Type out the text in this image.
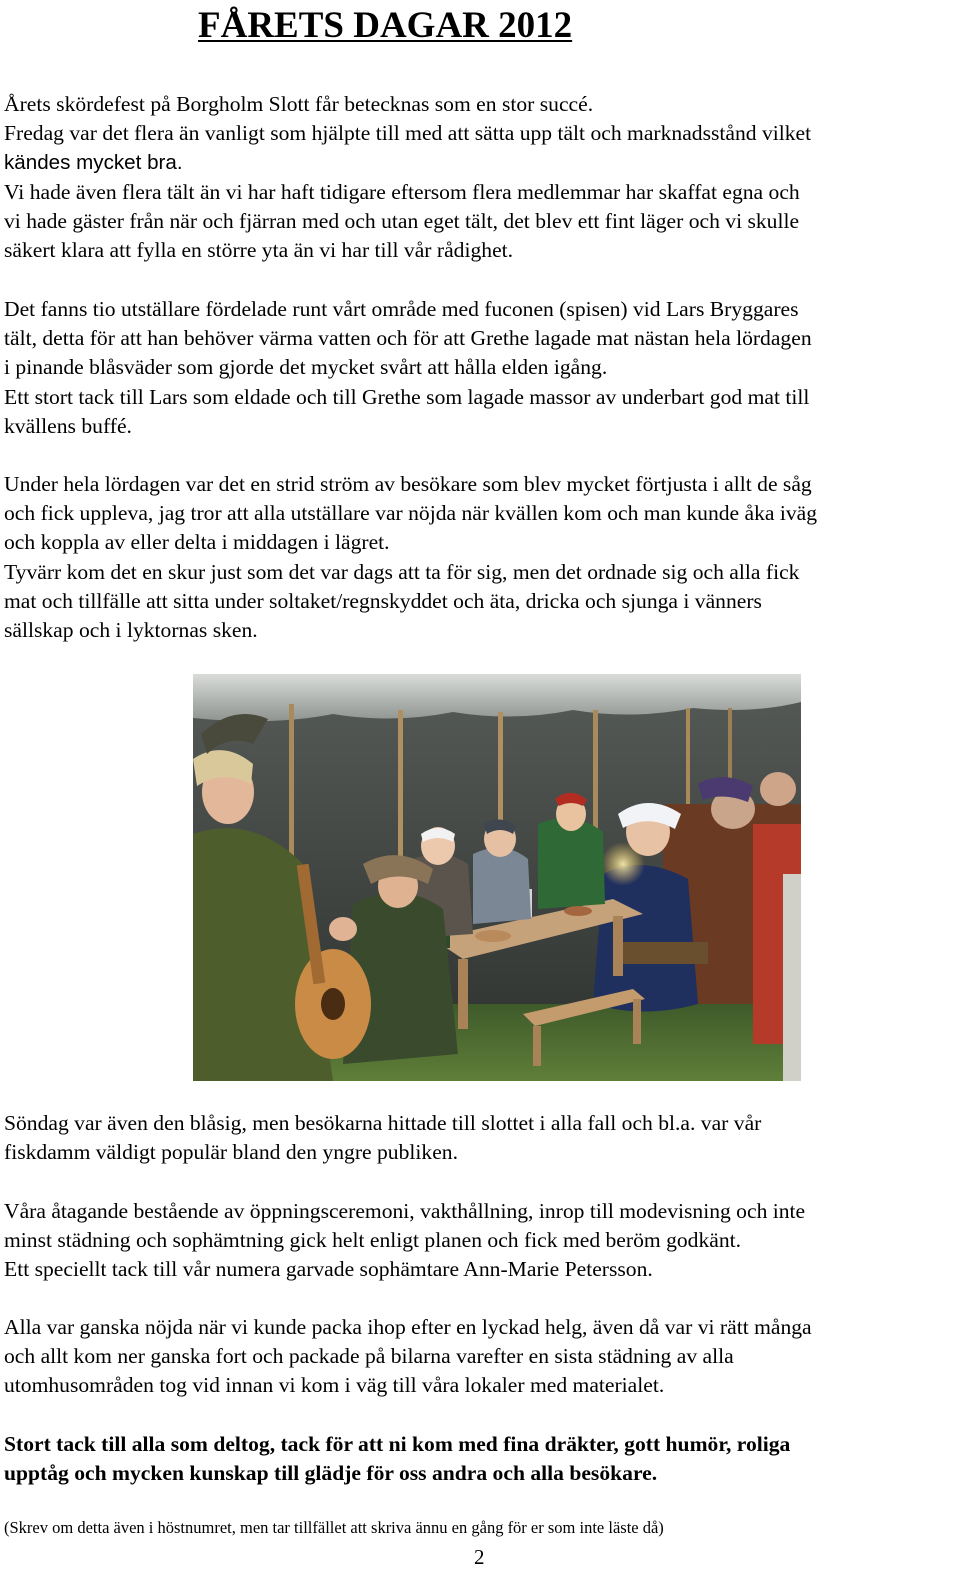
FÅRETS DAGAR 2012
Årets skördefest på Borgholm Slott får betecknas som en stor succé.
Fredag var det flera än vanligt som hjälpte till med att sätta upp tält och marknadsstånd vilket
kändes mycket bra.
Vi hade även flera tält än vi har haft tidigare eftersom flera medlemmar har skaffat egna och
vi hade gäster från när och fjärran med och utan eget tält, det blev ett fint läger och vi skulle
säkert klara att fylla en större yta än vi har till vår rådighet.
Det fanns tio utställare fördelade runt vårt område med fuconen (spisen) vid Lars Bryggares
tält, detta för att han behöver värma vatten och för att Grethe lagade mat nästan hela lördagen
i pinande blåsväder som gjorde det mycket svårt att hålla elden igång.
Ett stort tack till Lars som eldade och till Grethe som lagade massor av underbart god mat till
kvällens buffé.
Under hela lördagen var det en strid ström av besökare som blev mycket förtjusta i allt de såg
och fick uppleva, jag tror att alla utställare var nöjda när kvällen kom och man kunde åka iväg
och koppla av eller delta i middagen i lägret.
Tyvärr kom det en skur just som det var dags att ta för sig, men det ordnade sig och alla fick
mat och tillfälle att sitta under soltaket/regnskyddet och äta, dricka och sjunga i vänners
sällskap och i lyktornas sken.
Söndag var även den blåsig, men besökarna hittade till slottet i alla fall och bl.a. var vår
fiskdamm väldigt populär bland den yngre publiken.
Våra åtagande bestående av öppningsceremoni, vakthållning, inrop till modevisning och inte
minst städning och sophämtning gick helt enligt planen och fick med beröm godkänt.
Ett speciellt tack till vår numera garvade sophämtare Ann-Marie Petersson.
Alla var ganska nöjda när vi kunde packa ihop efter en lyckad helg, även då var vi rätt många
och allt kom ner ganska fort och packade på bilarna varefter en sista städning av alla
utomhusområden tog vid innan vi kom i väg till våra lokaler med materialet.
Stort tack till alla som deltog, tack för att ni kom med fina dräkter, gott humör, roliga
upptåg och mycken kunskap till glädje för oss andra och alla besökare.

(Skrev om detta även i höstnumret, men tar tillfället att skriva ännu en gång för er som inte läste då)

2
